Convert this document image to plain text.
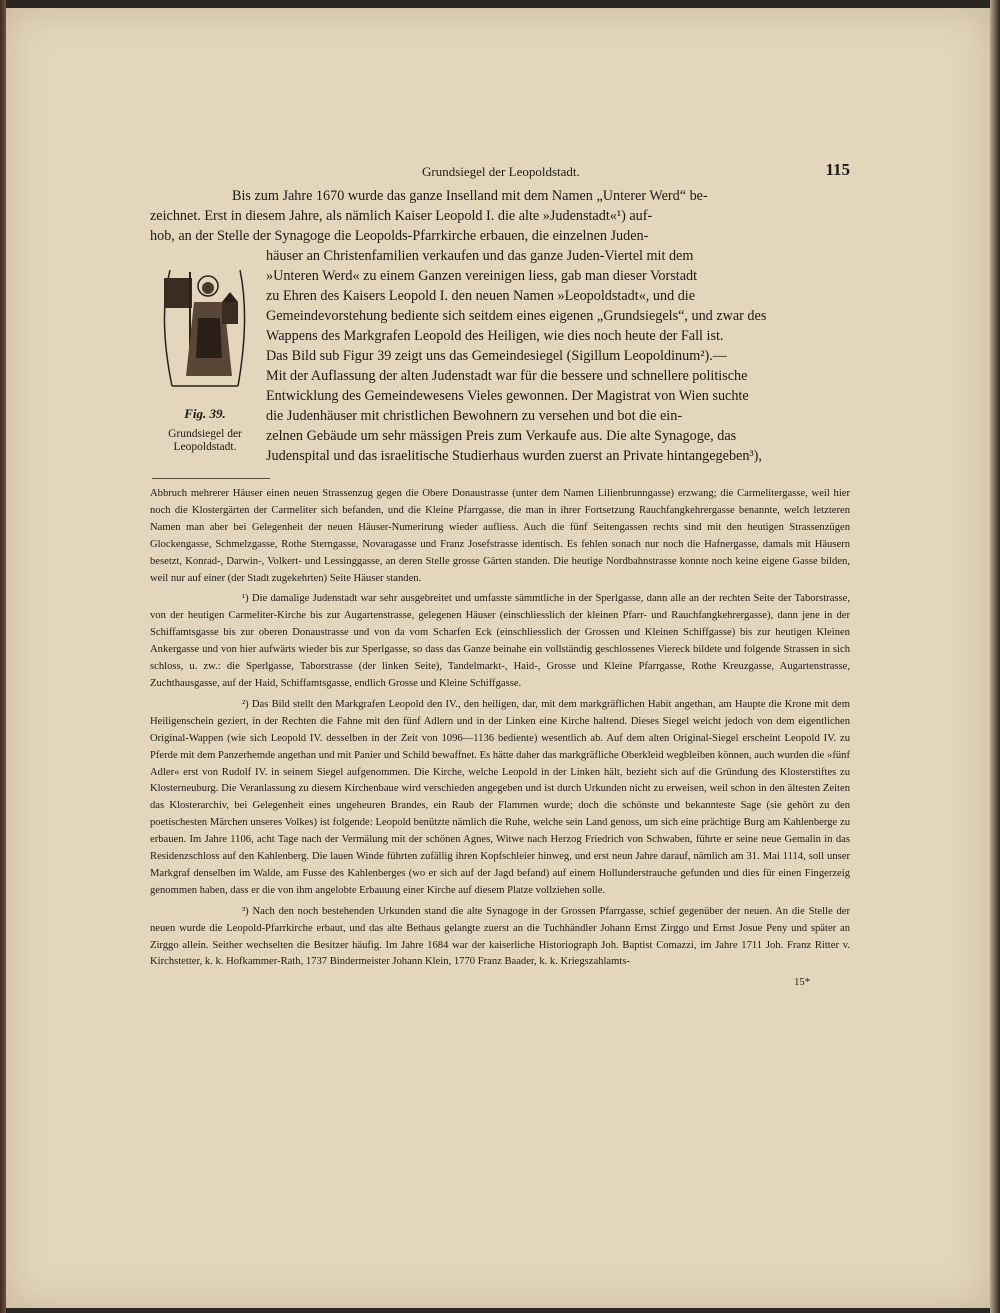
Grundsiegel der Leopoldstadt.	115
Bis zum Jahre 1670 wurde das ganze Inselland mit dem Namen „Unterer Werd“ be-
zeichnet. Erst in diesem Jahre, als nämlich Kaiser Leopold I. die alte »Judenstadt«¹) auf-
hob, an der Stelle der Synagoge die Leopolds-Pfarrkirche erbauen, die einzelnen Juden-
häuser an Christenfamilien verkaufen und das ganze Juden-Viertel mit dem
»Unteren Werd« zu einem Ganzen vereinigen liess, gab man dieser Vorstadt
zu Ehren des Kaisers Leopold I. den neuen Namen »Leopoldstadt«, und die
Gemeindevorstehung bediente sich seitdem eines eigenen „Grundsiegels“, und zwar des
Wappens des Markgrafen Leopold des Heiligen, wie dies noch heute der Fall ist.
Das Bild sub Figur 39 zeigt uns das Gemeindesiegel (Sigillum Leopoldinum²).—
Mit der Auflassung der alten Judenstadt war für die bessere und schnellere politische
Entwicklung des Gemeindewesens Vieles gewonnen. Der Magistrat von Wien suchte
die Judenhäuser mit christlichen Bewohnern zu versehen und bot die ein-
zelnen Gebäude um sehr mässigen Preis zum Verkaufe aus. Die alte Synagoge, das
Judenspital und das israelitische Studierhaus wurden zuerst an Private hintangegeben³),
Fig. 39.
Grundsiegel der
Leopoldstadt.

Abbruch mehrerer Häuser einen neuen Strassenzug gegen die Obere Donaustrasse (unter dem Namen Lilienbrunngasse) erzwang; die Carmelitergasse, weil hier noch die Klostergärten der Carmeliter sich befanden, und die Kleine Pfarrgasse, die man in ihrer Fortsetzung Rauchfangkehrergasse benannte, welch letzteren Namen man aber bei Gelegenheit der neuen Häuser-Numerirung wieder aufliess. Auch die fünf Seitengassen rechts sind mit den heutigen Strassenzügen Glockengasse, Schmelzgasse, Rothe Sterngasse, Novaragasse und Franz Josefstrasse identisch. Es fehlen sonach nur noch die Hafnergasse, damals mit Häusern besetzt, Konrad-, Darwin-, Volkert- und Lessinggasse, an deren Stelle grosse Gärten standen. Die heutige Nordbahnstrasse konnte noch keine eigene Gasse bilden, weil nur auf einer (der Stadt zugekehrten) Seite Häuser standen.

¹) Die damalige Judenstadt war sehr ausgebreitet und umfasste sämmtliche in der Sperlgasse, dann alle an der rechten Seite der Taborstrasse, von der heutigen Carmeliter-Kirche bis zur Augartenstrasse, gelegenen Häuser (einschliesslich der kleinen Pfarr- und Rauchfangkehrergasse), dann jene in der Schiffamtsgasse bis zur oberen Donaustrasse und von da vom Scharfen Eck (einschliesslich der Grossen und Kleinen Schiffgasse) bis zur heutigen Kleinen Ankergasse und von hier aufwärts wieder bis zur Sperlgasse, so dass das Ganze beinahe ein vollständig geschlossenes Viereck bildete und folgende Strassen in sich schloss, u. zw.: die Sperlgasse, Taborstrasse (der linken Seite), Tandelmarkt-, Haid-, Grosse und Kleine Pfarrgasse, Rothe Kreuzgasse, Augartenstrasse, Zuchthausgasse, auf der Haid, Schiffamtsgasse, endlich Grosse und Kleine Schiffgasse.

²) Das Bild stellt den Markgrafen Leopold den IV., den heiligen, dar, mit dem markgräflichen Habit angethan, am Haupte die Krone mit dem Heiligenschein geziert, in der Rechten die Fahne mit den fünf Adlern und in der Linken eine Kirche haltend. Dieses Siegel weicht jedoch von dem eigentlichen Original-Wappen (wie sich Leopold IV. desselben in der Zeit von 1096—1136 bediente) wesentlich ab. Auf dem alten Original-Siegel erscheint Leopold IV. zu Pferde mit dem Panzerhemde angethan und mit Panier und Schild bewaffnet. Es hätte daher das markgräfliche Oberkleid wegbleiben können, auch wurden die »fünf Adler« erst von Rudolf IV. in seinem Siegel aufgenommen. Die Kirche, welche Leopold in der Linken hält, bezieht sich auf die Gründung des Klosterstiftes zu Klosterneuburg. Die Veranlassung zu diesem Kirchenbaue wird verschieden angegeben und ist durch Urkunden nicht zu erweisen, weil schon in den ältesten Zeiten das Klosterarchiv, bei Gelegenheit eines ungeheuren Brandes, ein Raub der Flammen wurde; doch die schönste und bekannteste Sage (sie gehört zu den poetischesten Märchen unseres Volkes) ist folgende: Leopold benützte nämlich die Ruhe, welche sein Land genoss, um sich eine prächtige Burg am Kahlenberge zu erbauen. Im Jahre 1106, acht Tage nach der Vermälung mit der schönen Agnes, Witwe nach Herzog Friedrich von Schwaben, führte er seine neue Gemalin in das Residenzschloss auf den Kahlenberg. Die lauen Winde führten zufällig ihren Kopfschleier hinweg, und erst neun Jahre darauf, nämlich am 31. Mai 1114, soll unser Markgraf denselben im Walde, am Fusse des Kahlenberges (wo er sich auf der Jagd befand) auf einem Hollunderstrauche gefunden und dies für einen Fingerzeig genommen haben, dass er die von ihm angelobte Erbauung einer Kirche auf diesem Platze vollziehen solle.

³) Nach den noch bestehenden Urkunden stand die alte Synagoge in der Grossen Pfarrgasse, schief gegenüber der neuen. An die Stelle der neuen wurde die Leopold-Pfarrkirche erbaut, und das alte Bethaus gelangte zuerst an die Tuchhändler Johann Ernst Zirggo und Ernst Josue Peny und später an Zirggo allein. Seither wechselten die Besitzer häufig. Im Jahre 1684 war der kaiserliche Historiograph Joh. Baptist Comazzi, im Jahre 1711 Joh. Franz Ritter v. Kirchstetter, k. k. Hofkammer-Rath, 1737 Bindermeister Johann Klein, 1770 Franz Baader, k. k. Kriegszahlamts-

15*
